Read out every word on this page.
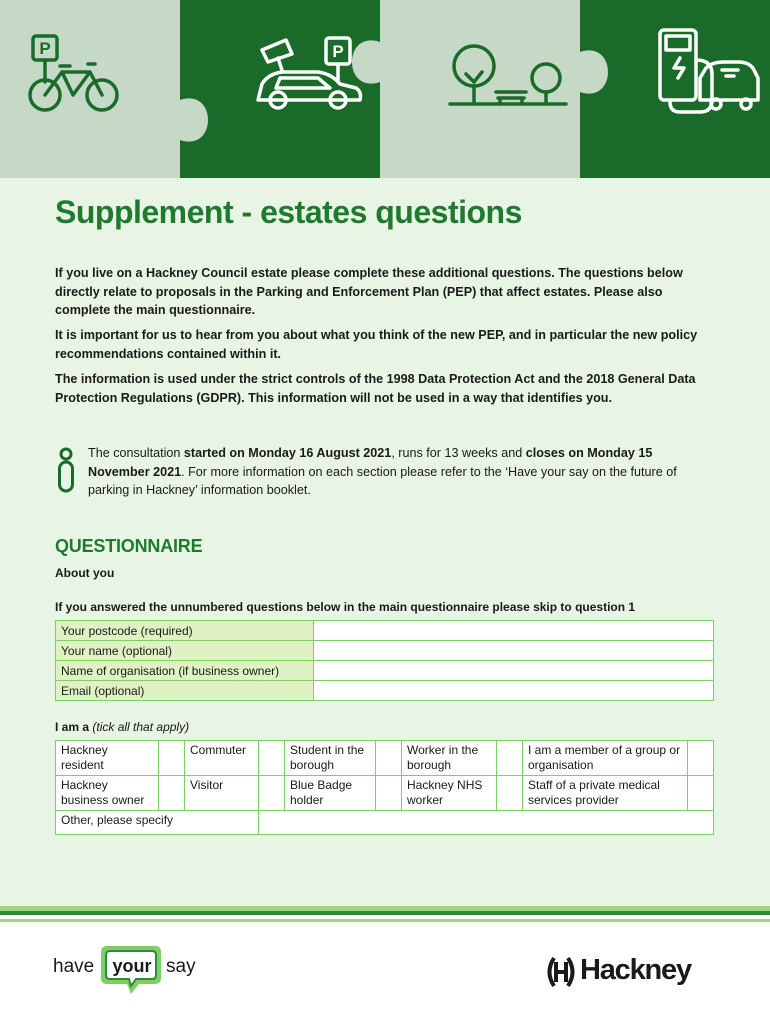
P	P
Supplement - estates questions

If you live on a Hackney Council estate please complete these additional questions. The questions below directly relate to proposals in the Parking and Enforcement Plan (PEP) that affect estates. Please also complete the main questionnaire.

It is important for us to hear from you about what you think of the new PEP, and in particular the new policy recommendations contained within it.

The information is used under the strict controls of the 1998 Data Protection Act and the 2018 General Data Protection Regulations (GDPR). This information will not be used in a way that identifies you.

The consultation started on Monday 16 August 2021, runs for 13 weeks and closes on Monday 15 November 2021. For more information on each section please refer to the ‘Have your say on the future of parking in Hackney’ information booklet.

QUESTIONNAIRE

About you

If you answered the unnumbered questions below in the main questionnaire please skip to question 1

Your postcode (required)	
Your name (optional)	
Name of organisation (if business owner)	
Email (optional)	

I am a (tick all that apply)

Hackney resident		Commuter		Student in the borough		Worker in the borough		I am a member of a group or organisation	
Hackney business owner		Visitor		Blue Badge holder		Hackney NHS worker		Staff of a private medical services provider	
Other, please specify									
have your say	Hackney
